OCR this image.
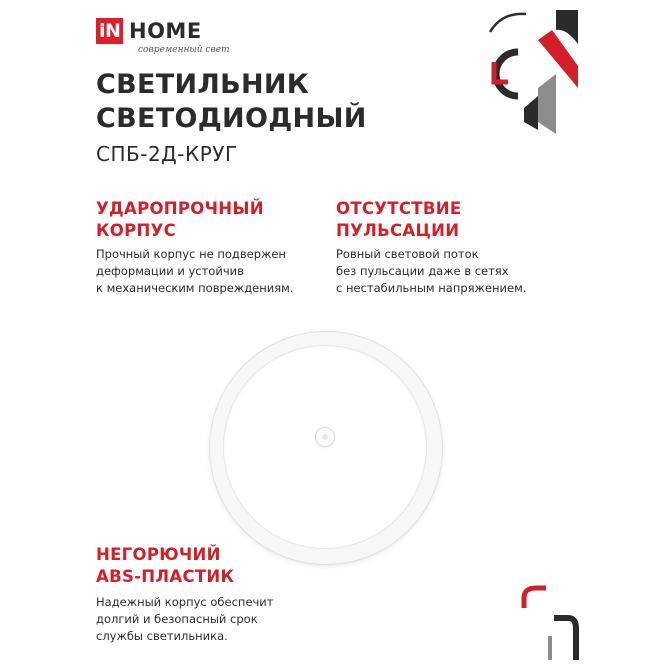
iN HOME
современный свет
СВЕТИЛЬНИК
СВЕТОДИОДНЫЙ
СПБ-2Д-КРУГ
УДАРОПРОЧНЫЙ
КОРПУС
Прочный корпус не подвержен
деформации и устойчив
к механическим повреждениям.
ОТСУТСТВИЕ
ПУЛЬСАЦИИ
Ровный световой поток
без пульсации даже в сетях
с нестабильным напряжением.
НЕГОРЮЧИЙ
ABS-ПЛАСТИК
Надежный корпус обеспечит
долгий и безопасный срок
службы светильника.
